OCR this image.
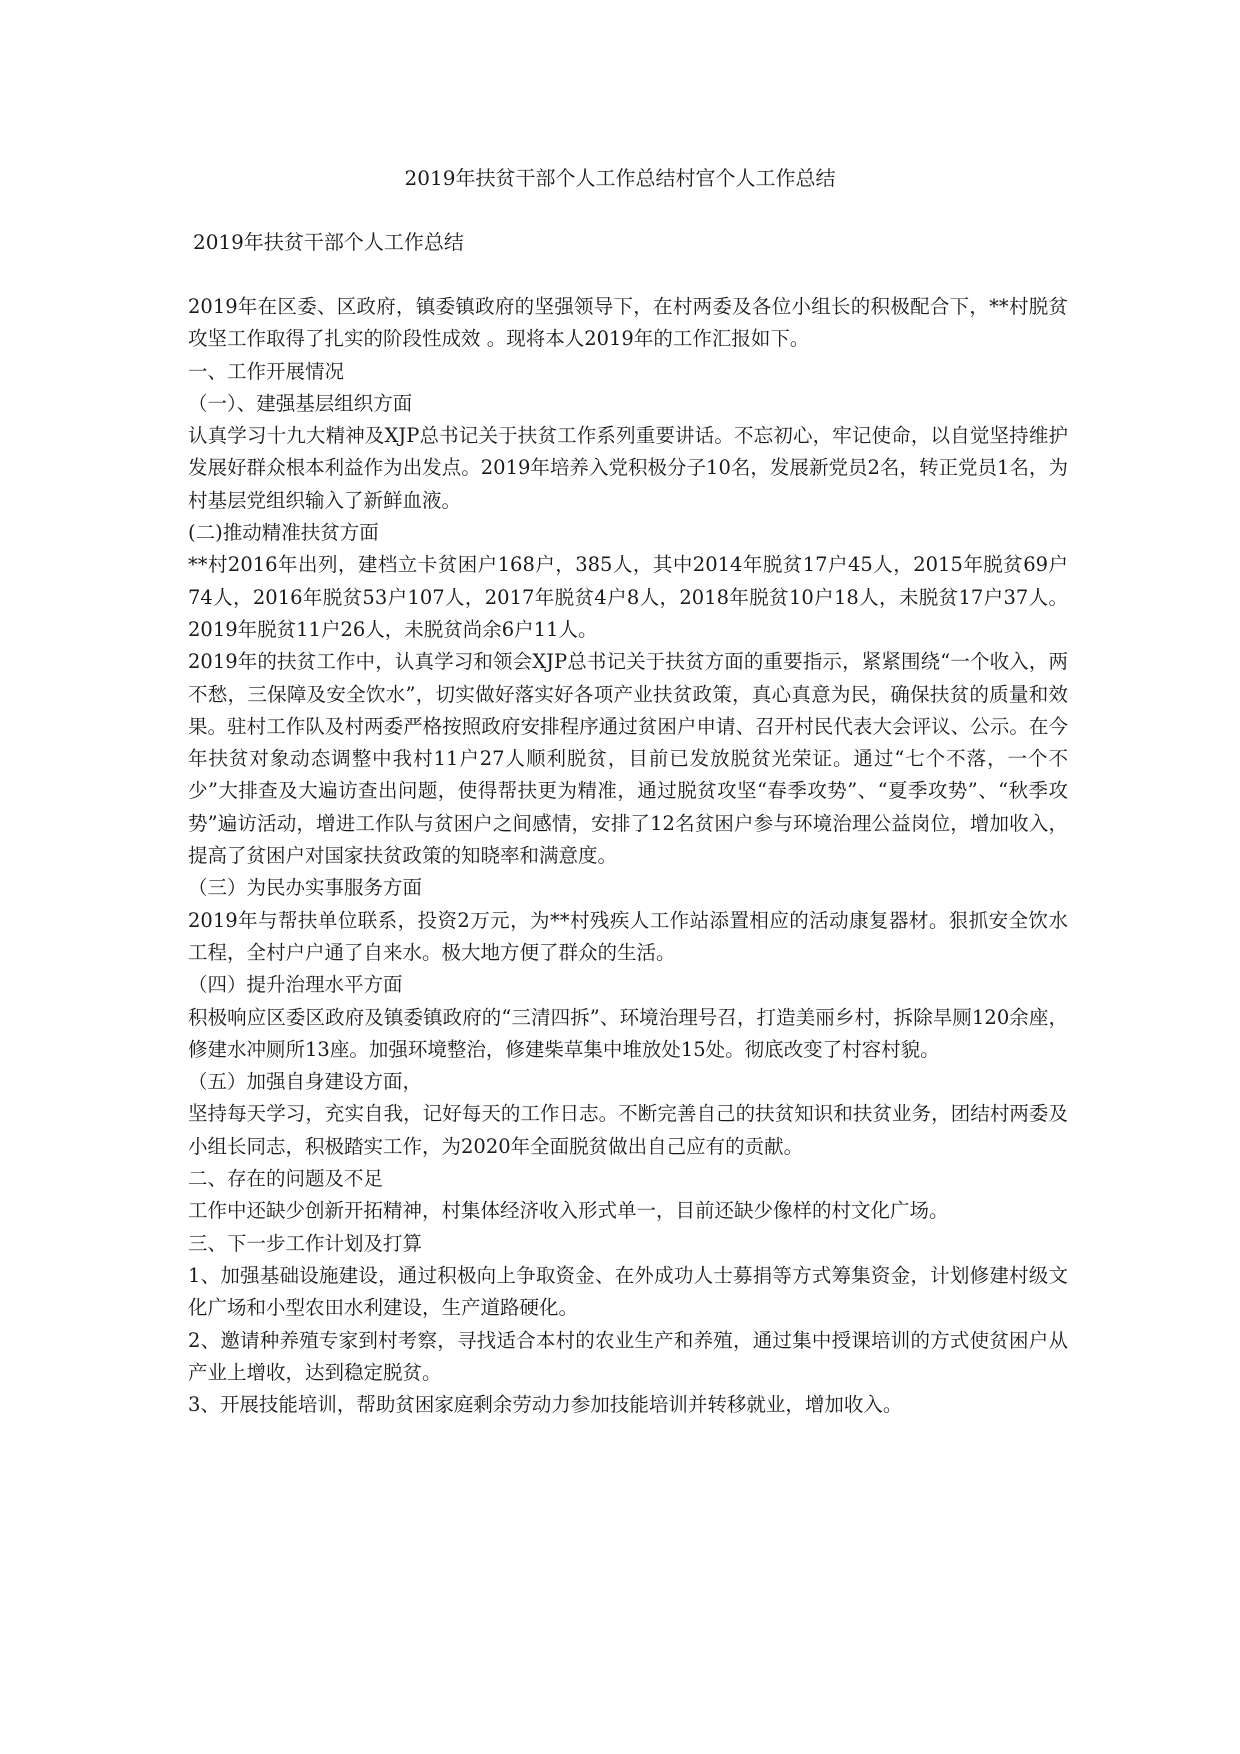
2019年扶贫干部个人工作总结村官个人工作总结
2019年扶贫干部个人工作总结

2019年在区委、区政府，镇委镇政府的坚强领导下，在村两委及各位小组长的积极配合下，**村脱贫攻坚工作取得了扎实的阶段性成效 。现将本人2019年的工作汇报如下。

一、工作开展情况

（一）、建强基层组织方面

认真学习十九大精神及XJP总书记关于扶贫工作系列重要讲话。不忘初心，牢记使命，以自觉坚持维护发展好群众根本利益作为出发点。2019年培养入党积极分子10名，发展新党员2名，转正党员1名，为村基层党组织输入了新鲜血液。

(二)推动精准扶贫方面

**村2016年出列，建档立卡贫困户168户，385人，其中2014年脱贫17户45人，2015年脱贫69户74人，2016年脱贫53户107人，2017年脱贫4户8人，2018年脱贫10户18人，未脱贫17户37人。2019年脱贫11户26人，未脱贫尚余6户11人。

2019年的扶贫工作中，认真学习和领会XJP总书记关于扶贫方面的重要指示，紧紧围绕“一个收入，两不愁，三保障及安全饮水”，切实做好落实好各项产业扶贫政策，真心真意为民，确保扶贫的质量和效果。驻村工作队及村两委严格按照政府安排程序通过贫困户申请、召开村民代表大会评议、公示。在今年扶贫对象动态调整中我村11户27人顺利脱贫，目前已发放脱贫光荣证。通过“七个不落，一个不少”大排查及大遍访查出问题，使得帮扶更为精准，通过脱贫攻坚“春季攻势”、“夏季攻势”、“秋季攻势”遍访活动，增进工作队与贫困户之间感情，安排了12名贫困户参与环境治理公益岗位，增加收入，提高了贫困户对国家扶贫政策的知晓率和满意度。

（三）为民办实事服务方面

2019年与帮扶单位联系，投资2万元，为**村残疾人工作站添置相应的活动康复器材。狠抓安全饮水工程，全村户户通了自来水。极大地方便了群众的生活。

（四）提升治理水平方面

积极响应区委区政府及镇委镇政府的“三清四拆”、环境治理号召，打造美丽乡村，拆除旱厕120余座，修建水冲厕所13座。加强环境整治，修建柴草集中堆放处15处。彻底改变了村容村貌。

（五）加强自身建设方面，

坚持每天学习，充实自我，记好每天的工作日志。不断完善自己的扶贫知识和扶贫业务，团结村两委及小组长同志，积极踏实工作，为2020年全面脱贫做出自己应有的贡献。

二、存在的问题及不足

工作中还缺少创新开拓精神，村集体经济收入形式单一，目前还缺少像样的村文化广场。

三、下一步工作计划及打算

1、加强基础设施建设，通过积极向上争取资金、在外成功人士募捐等方式筹集资金，计划修建村级文化广场和小型农田水利建设，生产道路硬化。

2、邀请种养殖专家到村考察，寻找适合本村的农业生产和养殖，通过集中授课培训的方式使贫困户从产业上增收，达到稳定脱贫。

3、开展技能培训，帮助贫困家庭剩余劳动力参加技能培训并转移就业，增加收入。
